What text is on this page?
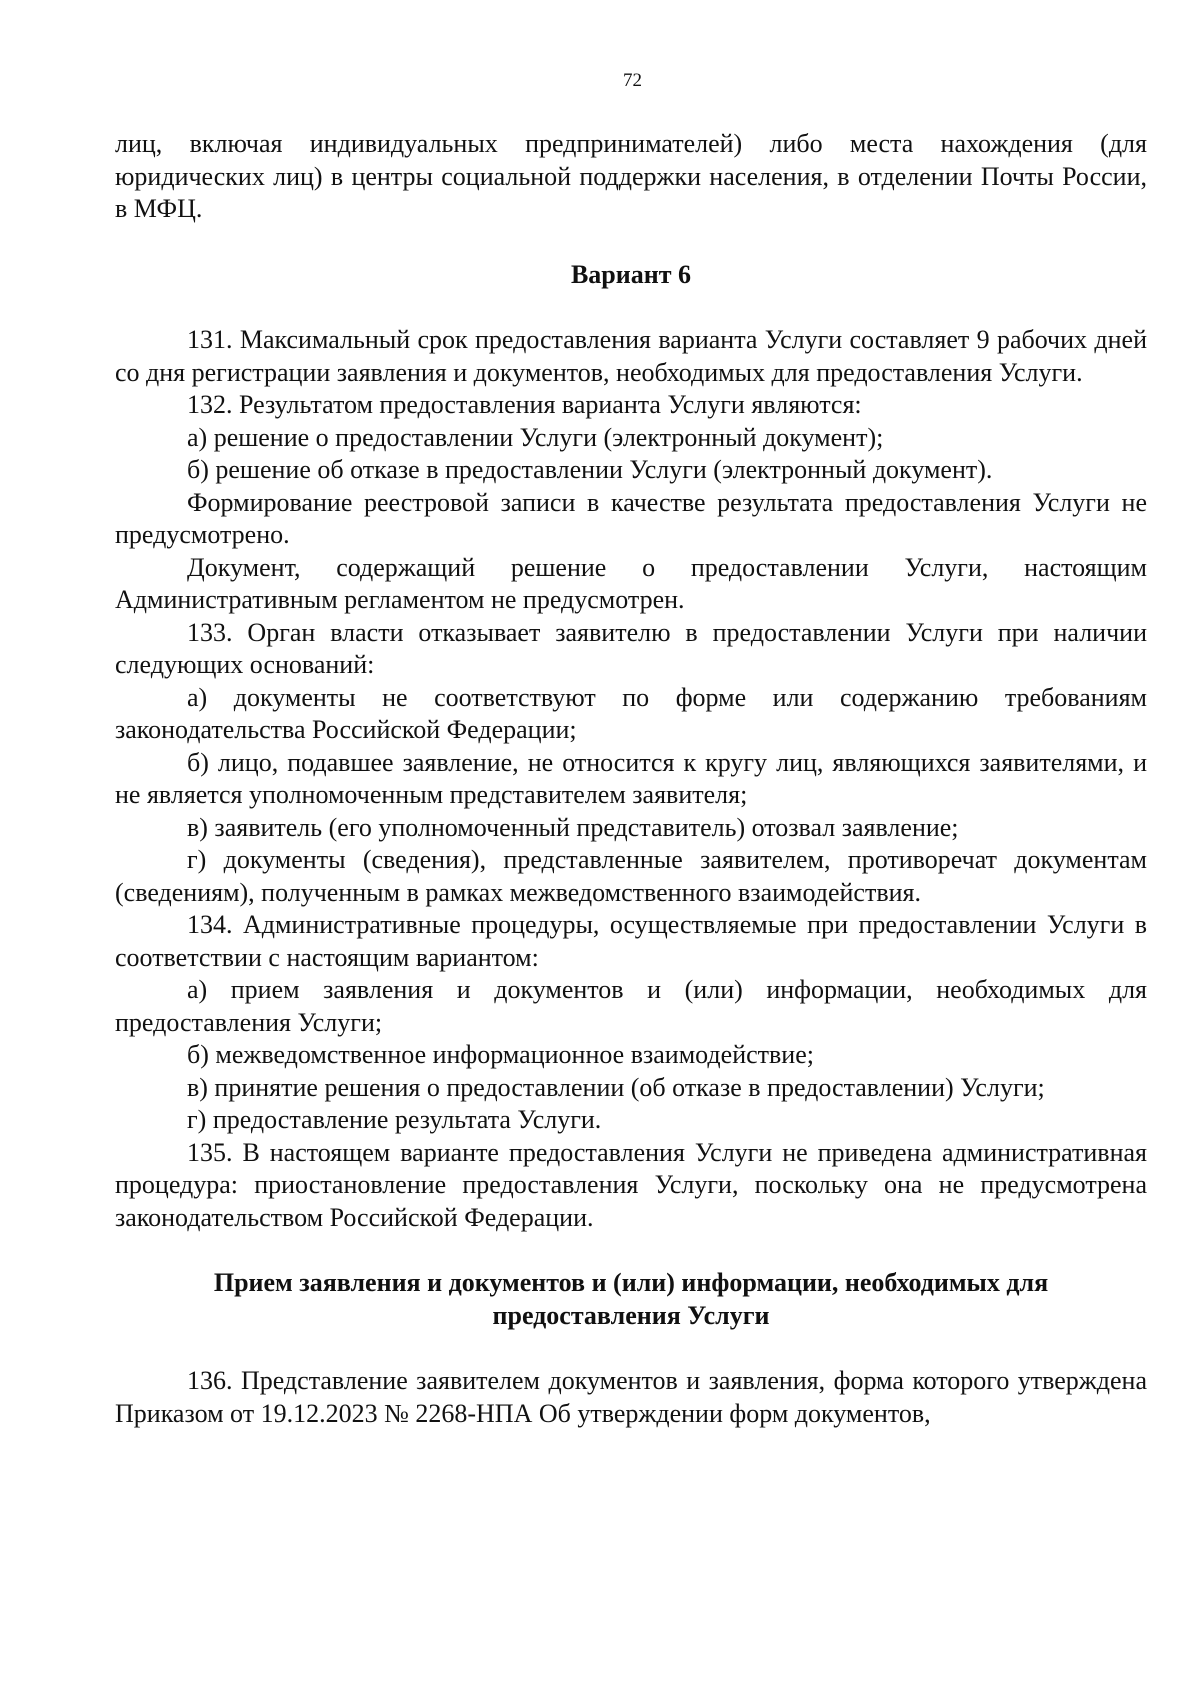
72

лиц, включая индивидуальных предпринимателей) либо места нахождения (для юридических лиц) в центры социальной поддержки населения, в отделении Почты России, в МФЦ.

Вариант 6

131. Максимальный срок предоставления варианта Услуги составляет 9 рабочих дней со дня регистрации заявления и документов, необходимых для предоставления Услуги.

132. Результатом предоставления варианта Услуги являются:

а) решение о предоставлении Услуги (электронный документ);

б) решение об отказе в предоставлении Услуги (электронный документ).

Формирование реестровой записи в качестве результата предоставления Услуги не предусмотрено.

Документ, содержащий решение о предоставлении Услуги, настоящим Административным регламентом не предусмотрен.

133. Орган власти отказывает заявителю в предоставлении Услуги при наличии следующих оснований:

а) документы не соответствуют по форме или содержанию требованиям законодательства Российской Федерации;

б) лицо, подавшее заявление, не относится к кругу лиц, являющихся заявителями, и не является уполномоченным представителем заявителя;

в) заявитель (его уполномоченный представитель) отозвал заявление;

г) документы (сведения), представленные заявителем, противоречат документам (сведениям), полученным в рамках межведомственного взаимодействия.

134. Административные процедуры, осуществляемые при предоставлении Услуги в соответствии с настоящим вариантом:

а) прием заявления и документов и (или) информации, необходимых для предоставления Услуги;

б) межведомственное информационное взаимодействие;

в) принятие решения о предоставлении (об отказе в предоставлении) Услуги;

г) предоставление результата Услуги.

135. В настоящем варианте предоставления Услуги не приведена административная процедура: приостановление предоставления Услуги, поскольку она не предусмотрена законодательством Российской Федерации.

Прием заявления и документов и (или) информации, необходимых для предоставления Услуги

136. Представление заявителем документов и заявления, форма которого утверждена Приказом от 19.12.2023 № 2268-НПА Об утверждении форм документов,
